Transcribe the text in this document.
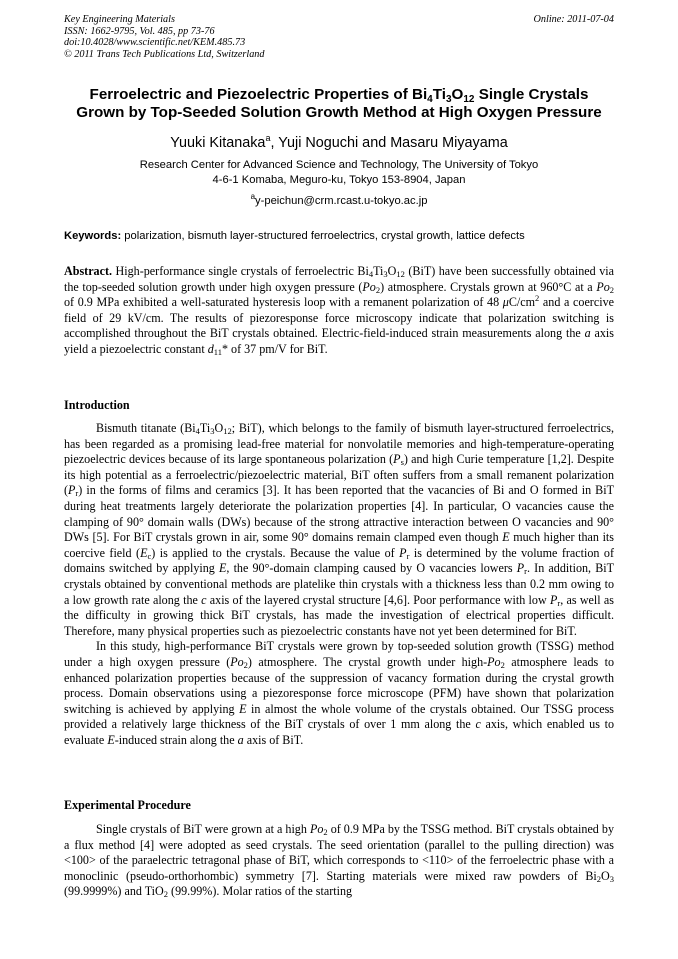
Key Engineering Materials
ISSN: 1662-9795, Vol. 485, pp 73-76
doi:10.4028/www.scientific.net/KEM.485.73
© 2011 Trans Tech Publications Ltd, Switzerland
Online: 2011-07-04
Ferroelectric and Piezoelectric Properties of $Bi_4Ti_3O_{12}$ Single Crystals
Grown by Top-Seeded Solution Growth Method at High Oxygen Pressure
Yuuki Kitanaka$^a$, Yuji Noguchi and Masaru Miyayama
Research Center for Advanced Science and Technology, The University of Tokyo
4-6-1 Komaba, Meguro-ku, Tokyo 153-8904, Japan
$^a$y-peichun@crm.rcast.u-tokyo.ac.jp
Keywords: polarization, bismuth layer-structured ferroelectrics, crystal growth, lattice defects

Abstract. High-performance single crystals of ferroelectric $Bi_4Ti_3O_{12}$ (BiT) have been successfully obtained via the top-seeded solution growth under high oxygen pressure $(Po_2)$ atmosphere. Crystals grown at 960°C at a $Po_2$ of 0.9 MPa exhibited a well-saturated hysteresis loop with a remanent polarization of 48 $\mu C/cm^2$ and a coercive field of 29 kV/cm. The results of piezoresponse force microscopy indicate that polarization switching is accomplished throughout the BiT crystals obtained. Electric-field-induced strain measurements along the a axis yield a piezoelectric constant $d_{11}*$ of 37 pm/V for BiT.

Introduction

Bismuth titanate ($Bi_4Ti_3O_{12}$; BiT), which belongs to the family of bismuth layer-structured ferroelectrics, has been regarded as a promising lead-free material for nonvolatile memories and high-temperature-operating piezoelectric devices because of its large spontaneous polarization $(P_s)$ and high Curie temperature [1,2]. Despite its high potential as a ferroelectric/piezoelectric material, BiT often suffers from a small remanent polarization $(P_r)$ in the forms of films and ceramics [3]. It has been reported that the vacancies of Bi and O formed in BiT during heat treatments largely deteriorate the polarization properties [4]. In particular, O vacancies cause the clamping of 90° domain walls (DWs) because of the strong attractive interaction between O vacancies and 90° DWs [5]. For BiT crystals grown in air, some 90° domains remain clamped even though E much higher than its coercive field $(E_c)$ is applied to the crystals. Because the value of $P_r$ is determined by the volume fraction of domains switched by applying E, the 90°-domain clamping caused by O vacancies lowers $P_r$. In addition, BiT crystals obtained by conventional methods are platelike thin crystals with a thickness less than 0.2 mm owing to a low growth rate along the c axis of the layered crystal structure [4,6]. Poor performance with low $P_r$, as well as the difficulty in growing thick BiT crystals, has made the investigation of electrical properties difficult. Therefore, many physical properties such as piezoelectric constants have not yet been determined for BiT.

In this study, high-performance BiT crystals were grown by top-seeded solution growth (TSSG) method under a high oxygen pressure $(Po_2)$ atmosphere. The crystal growth under high-$Po_2$ atmosphere leads to enhanced polarization properties because of the suppression of vacancy formation during the crystal growth process. Domain observations using a piezoresponse force microscope (PFM) have shown that polarization switching is achieved by applying E in almost the whole volume of the crystals obtained. Our TSSG process provided a relatively large thickness of the BiT crystals of over 1 mm along the c axis, which enabled us to evaluate E-induced strain along the a axis of BiT.

Experimental Procedure

Single crystals of BiT were grown at a high $Po_2$ of 0.9 MPa by the TSSG method. BiT crystals obtained by a flux method [4] were adopted as seed crystals. The seed orientation (parallel to the pulling direction) was <100> of the paraelectric tetragonal phase of BiT, which corresponds to <110> of the ferroelectric phase with a monoclinic (pseudo-orthorhombic) symmetry [7]. Starting materials were mixed raw powders of $Bi_2O_3$ (99.9999%) and TiO$_2$ (99.99%). Molar ratios of the starting
